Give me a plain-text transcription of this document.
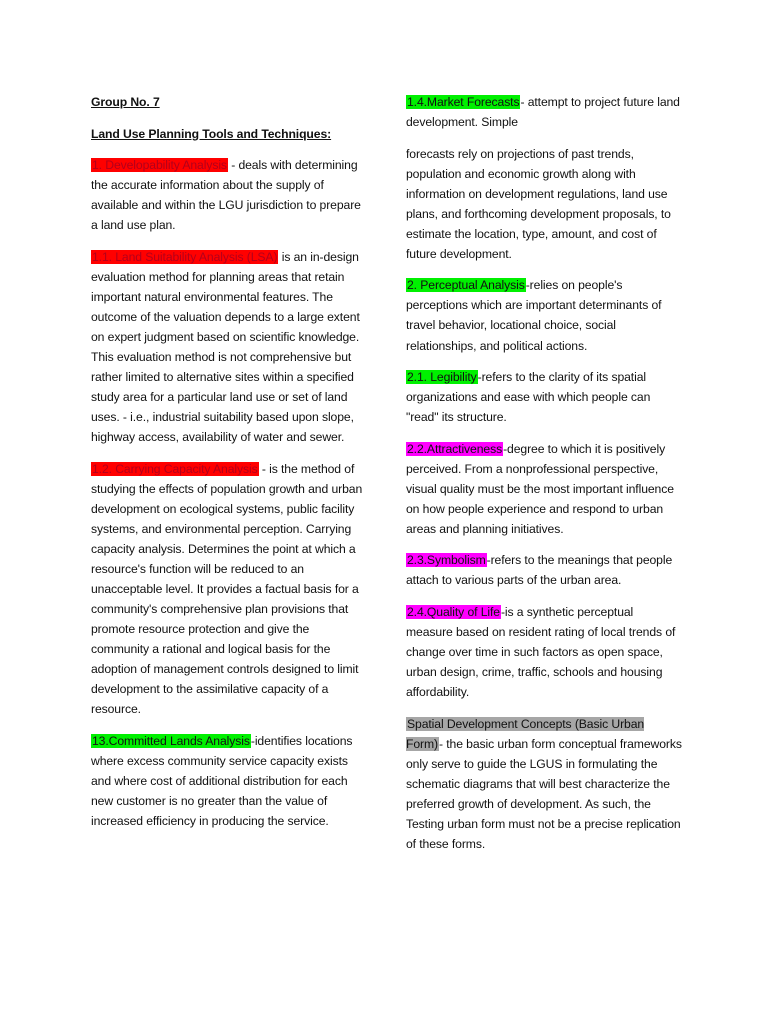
Group No. 7

Land Use Planning Tools and Techniques:

1. Developability Analysis - deals with determining the accurate information about the supply of available and within the LGU jurisdiction to prepare a land use plan.

1.1. Land Suitability Analysis (LSA) is an in-design evaluation method for planning areas that retain important natural environmental features. The outcome of the valuation depends to a large extent on expert judgment based on scientific knowledge. This evaluation method is not comprehensive but rather limited to alternative sites within a specified study area for a particular land use or set of land uses. - i.e., industrial suitability based upon slope, highway access, availability of water and sewer.

1.2. Carrying Capacity Analysis - is the method of studying the effects of population growth and urban development on ecological systems, public facility systems, and environmental perception. Carrying capacity analysis. Determines the point at which a resource's function will be reduced to an unacceptable level. It provides a factual basis for a community's comprehensive plan provisions that promote resource protection and give the community a rational and logical basis for the adoption of management controls designed to limit development to the assimilative capacity of a resource.

13.Committed Lands Analysis-identifies locations where excess community service capacity exists and where cost of additional distribution for each new customer is no greater than the value of increased efficiency in producing the service.

1.4.Market Forecasts- attempt to project future land development. Simple

forecasts rely on projections of past trends, population and economic growth along with information on development regulations, land use plans, and forthcoming development proposals, to estimate the location, type, amount, and cost of future development.

2. Perceptual Analysis-relies on people's perceptions which are important determinants of travel behavior, locational choice, social relationships, and political actions.

2.1. Legibility-refers to the clarity of its spatial organizations and ease with which people can "read" its structure.

2.2.Attractiveness-degree to which it is positively perceived. From a nonprofessional perspective, visual quality must be the most important influence on how people experience and respond to urban areas and planning initiatives.

2.3.Symbolism-refers to the meanings that people attach to various parts of the urban area.

2.4.Quality of Life-is a synthetic perceptual measure based on resident rating of local trends of change over time in such factors as open space, urban design, crime, traffic, schools and housing affordability.

Spatial Development Concepts (Basic Urban Form)- the basic urban form conceptual frameworks only serve to guide the LGUS in formulating the schematic diagrams that will best characterize the preferred growth of development. As such, the Testing urban form must not be a precise replication of these forms.
